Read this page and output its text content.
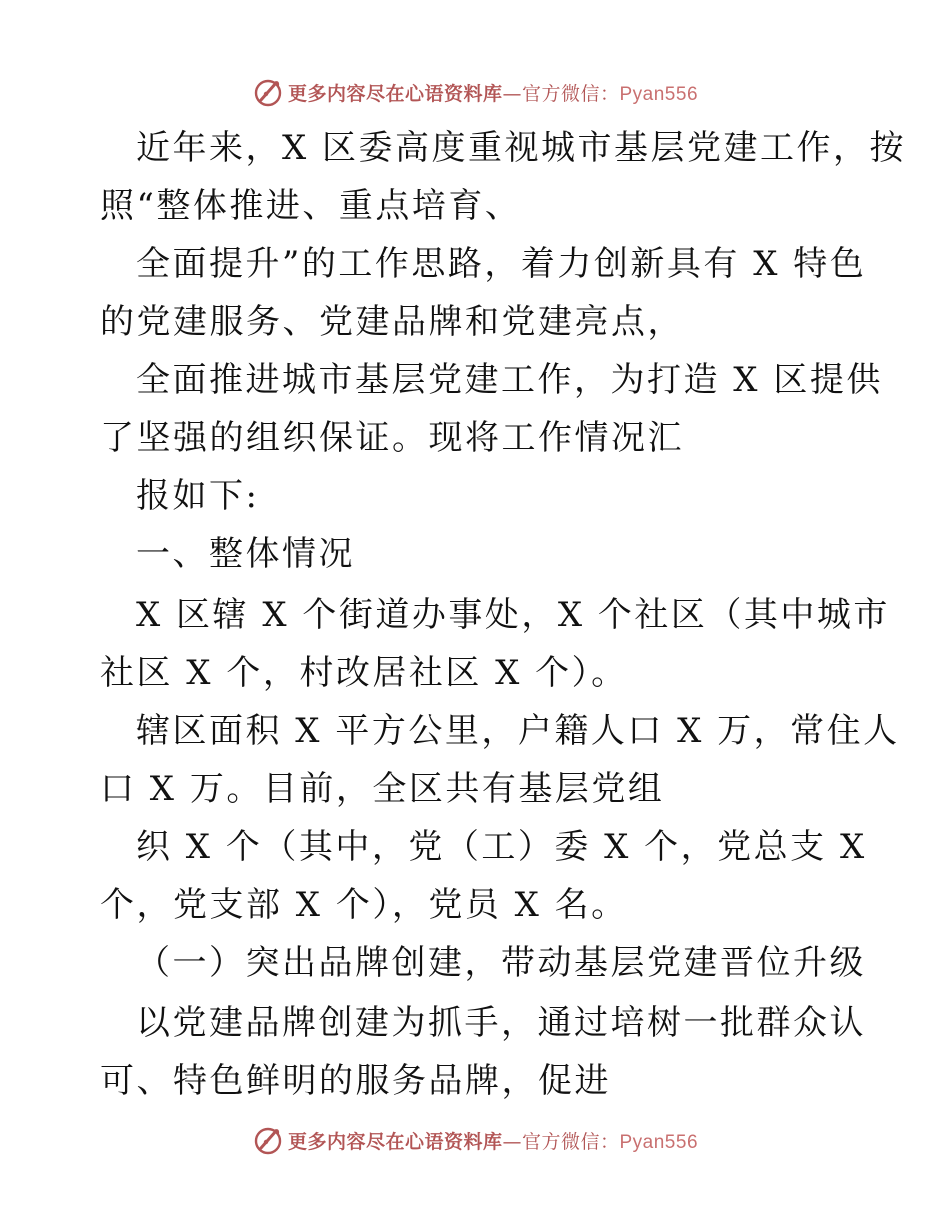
更多内容尽在心语资料库—官方微信：Pyan556
近年来，X 区委高度重视城市基层党建工作，按
照“整体推进、重点培育、
全面提升”的工作思路，着力创新具有 X 特色
的党建服务、党建品牌和党建亮点，
全面推进城市基层党建工作，为打造 X 区提供
了坚强的组织保证。现将工作情况汇
报如下:
一、整体情况
X 区辖 X 个街道办事处，X 个社区（其中城市
社区 X 个，村改居社区 X 个）。
辖区面积 X 平方公里，户籍人口 X 万，常住人
口 X 万。目前，全区共有基层党组
织 X 个（其中，党（工）委 X 个，党总支 X
个，党支部 X 个），党员 X 名。
（一）突出品牌创建，带动基层党建晋位升级
以党建品牌创建为抓手，通过培树一批群众认
可、特色鲜明的服务品牌，促进
更多内容尽在心语资料库—官方微信：Pyan556
